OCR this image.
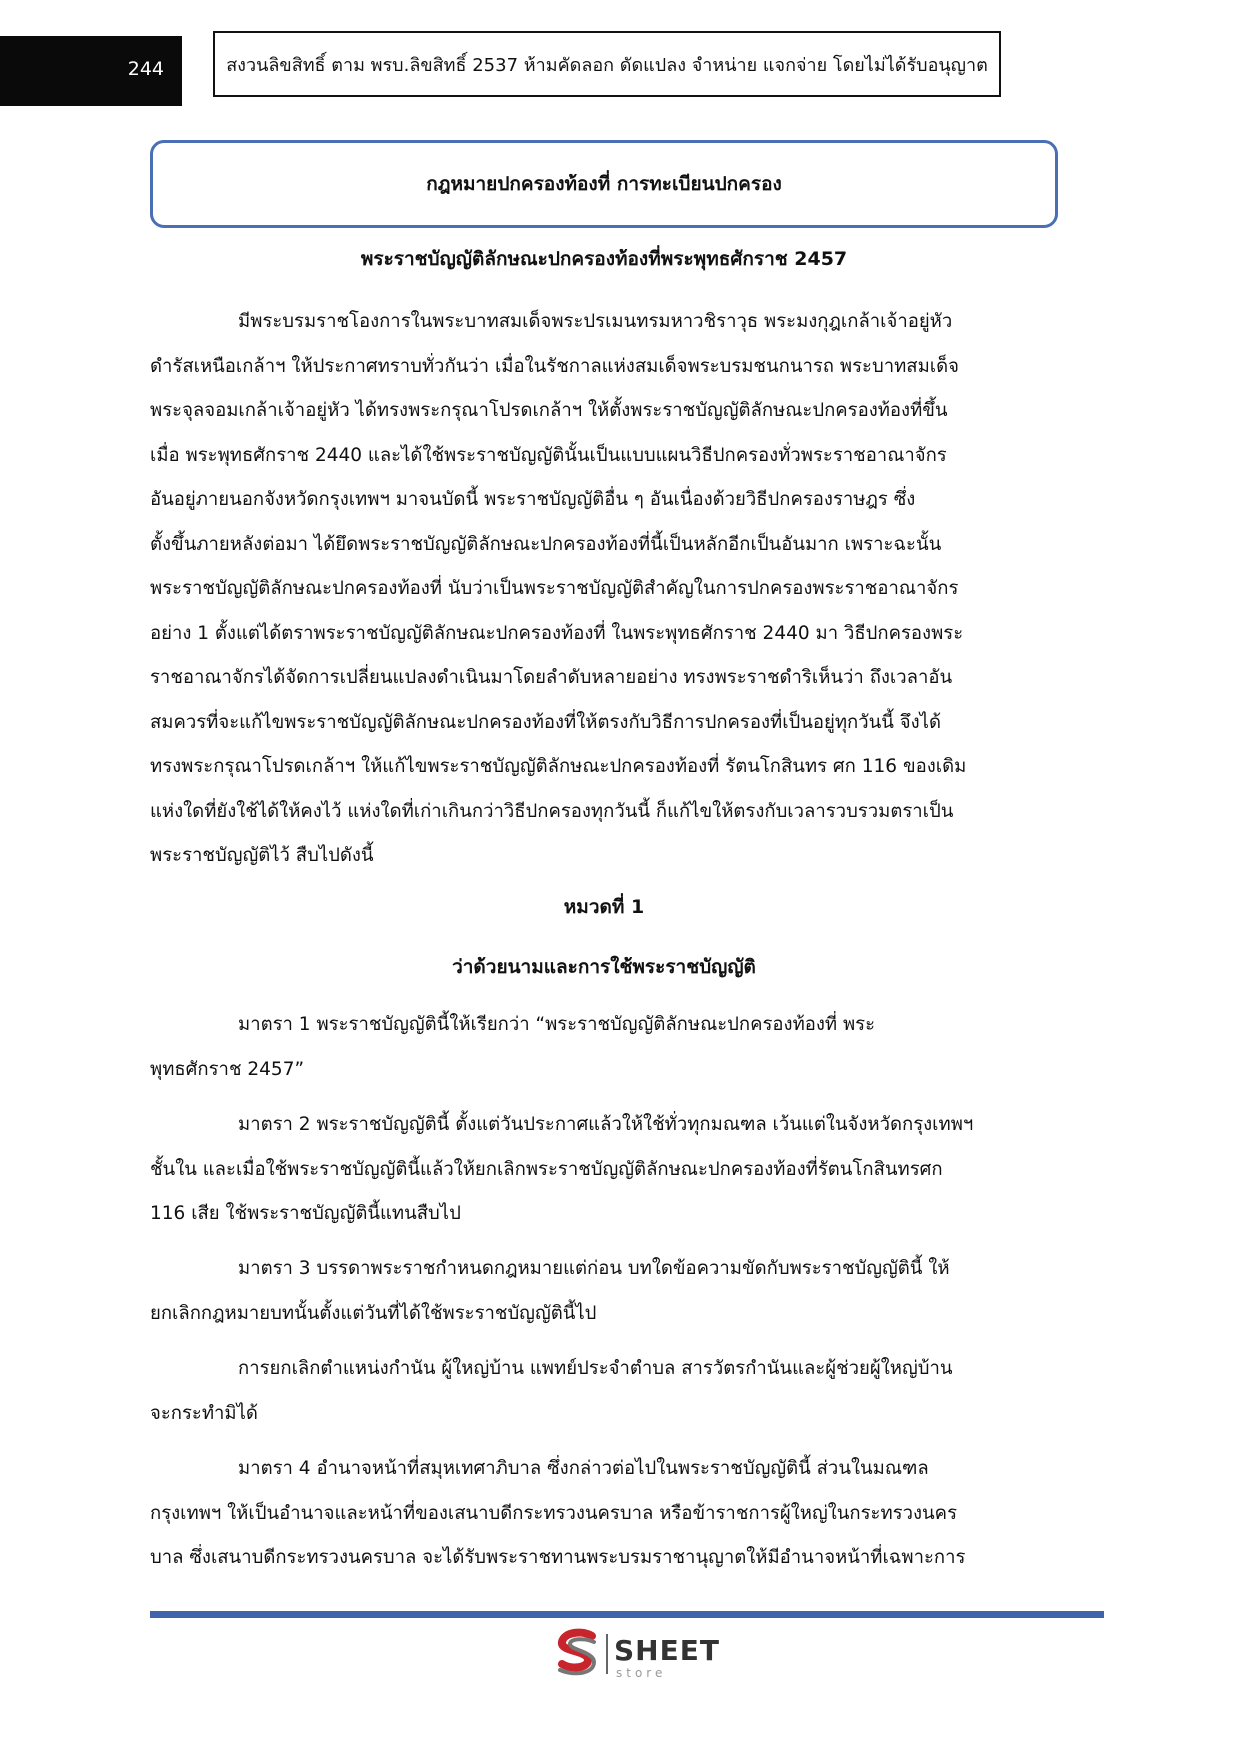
244	สงวนลิขสิทธิ์ ตาม พรบ.ลิขสิทธิ์ 2537 ห้ามคัดลอก ดัดแปลง จำหน่าย แจกจ่าย โดยไม่ได้รับอนุญาต
กฎหมายปกครองท้องที่ การทะเบียนปกครอง
พระราชบัญญัติลักษณะปกครองท้องที่พระพุทธศักราช 2457
มีพระบรมราชโองการในพระบาทสมเด็จพระปรเมนทรมหาวชิราวุธ พระมงกุฎเกล้าเจ้าอยู่หัว
ดำรัสเหนือเกล้าฯ ให้ประกาศทราบทั่วกันว่า เมื่อในรัชกาลแห่งสมเด็จพระบรมชนกนารถ พระบาทสมเด็จ
พระจุลจอมเกล้าเจ้าอยู่หัว ได้ทรงพระกรุณาโปรดเกล้าฯ ให้ตั้งพระราชบัญญัติลักษณะปกครองท้องที่ขึ้น
เมื่อ พระพุทธศักราช 2440 และได้ใช้พระราชบัญญัตินั้นเป็นแบบแผนวิธีปกครองทั่วพระราชอาณาจักร
อันอยู่ภายนอกจังหวัดกรุงเทพฯ มาจนบัดนี้ พระราชบัญญัติอื่น ๆ อันเนื่องด้วยวิธีปกครองราษฎร ซึ่ง
ตั้งขึ้นภายหลังต่อมา ได้ยึดพระราชบัญญัติลักษณะปกครองท้องที่นี้เป็นหลักอีกเป็นอันมาก เพราะฉะนั้น
พระราชบัญญัติลักษณะปกครองท้องที่ นับว่าเป็นพระราชบัญญัติสำคัญในการปกครองพระราชอาณาจักร
อย่าง 1 ตั้งแต่ได้ตราพระราชบัญญัติลักษณะปกครองท้องที่ ในพระพุทธศักราช 2440 มา วิธีปกครองพระ
ราชอาณาจักรได้จัดการเปลี่ยนแปลงดำเนินมาโดยลำดับหลายอย่าง ทรงพระราชดำริเห็นว่า ถึงเวลาอัน
สมควรที่จะแก้ไขพระราชบัญญัติลักษณะปกครองท้องที่ให้ตรงกับวิธีการปกครองที่เป็นอยู่ทุกวันนี้ จึงได้
ทรงพระกรุณาโปรดเกล้าฯ ให้แก้ไขพระราชบัญญัติลักษณะปกครองท้องที่ รัตนโกสินทร ศก 116 ของเดิม
แห่งใดที่ยังใช้ได้ให้คงไว้ แห่งใดที่เก่าเกินกว่าวิธีปกครองทุกวันนี้ ก็แก้ไขให้ตรงกับเวลารวบรวมตราเป็น
พระราชบัญญัติไว้ สืบไปดังนี้
หมวดที่ 1
ว่าด้วยนามและการใช้พระราชบัญญัติ
มาตรา 1 พระราชบัญญัตินี้ให้เรียกว่า “พระราชบัญญัติลักษณะปกครองท้องที่ พระ
พุทธศักราช 2457”
มาตรา 2 พระราชบัญญัตินี้ ตั้งแต่วันประกาศแล้วให้ใช้ทั่วทุกมณฑล เว้นแต่ในจังหวัดกรุงเทพฯ
ชั้นใน และเมื่อใช้พระราชบัญญัตินี้แล้วให้ยกเลิกพระราชบัญญัติลักษณะปกครองท้องที่รัตนโกสินทรศก
116 เสีย ใช้พระราชบัญญัตินี้แทนสืบไป
มาตรา 3 บรรดาพระราชกำหนดกฎหมายแต่ก่อน บทใดข้อความขัดกับพระราชบัญญัตินี้ ให้
ยกเลิกกฎหมายบทนั้นตั้งแต่วันที่ได้ใช้พระราชบัญญัตินี้ไป
การยกเลิกตำแหน่งกำนัน ผู้ใหญ่บ้าน แพทย์ประจำตำบล สารวัตรกำนันและผู้ช่วยผู้ใหญ่บ้าน
จะกระทำมิได้
มาตรา 4 อำนาจหน้าที่สมุหเทศาภิบาล ซึ่งกล่าวต่อไปในพระราชบัญญัตินี้ ส่วนในมณฑล
กรุงเทพฯ ให้เป็นอำนาจและหน้าที่ของเสนาบดีกระทรวงนครบาล หรือข้าราชการผู้ใหญ่ในกระทรวงนคร
บาล ซึ่งเสนาบดีกระทรวงนครบาล จะได้รับพระราชทานพระบรมราชานุญาตให้มีอำนาจหน้าที่เฉพาะการ
SHEET
store
